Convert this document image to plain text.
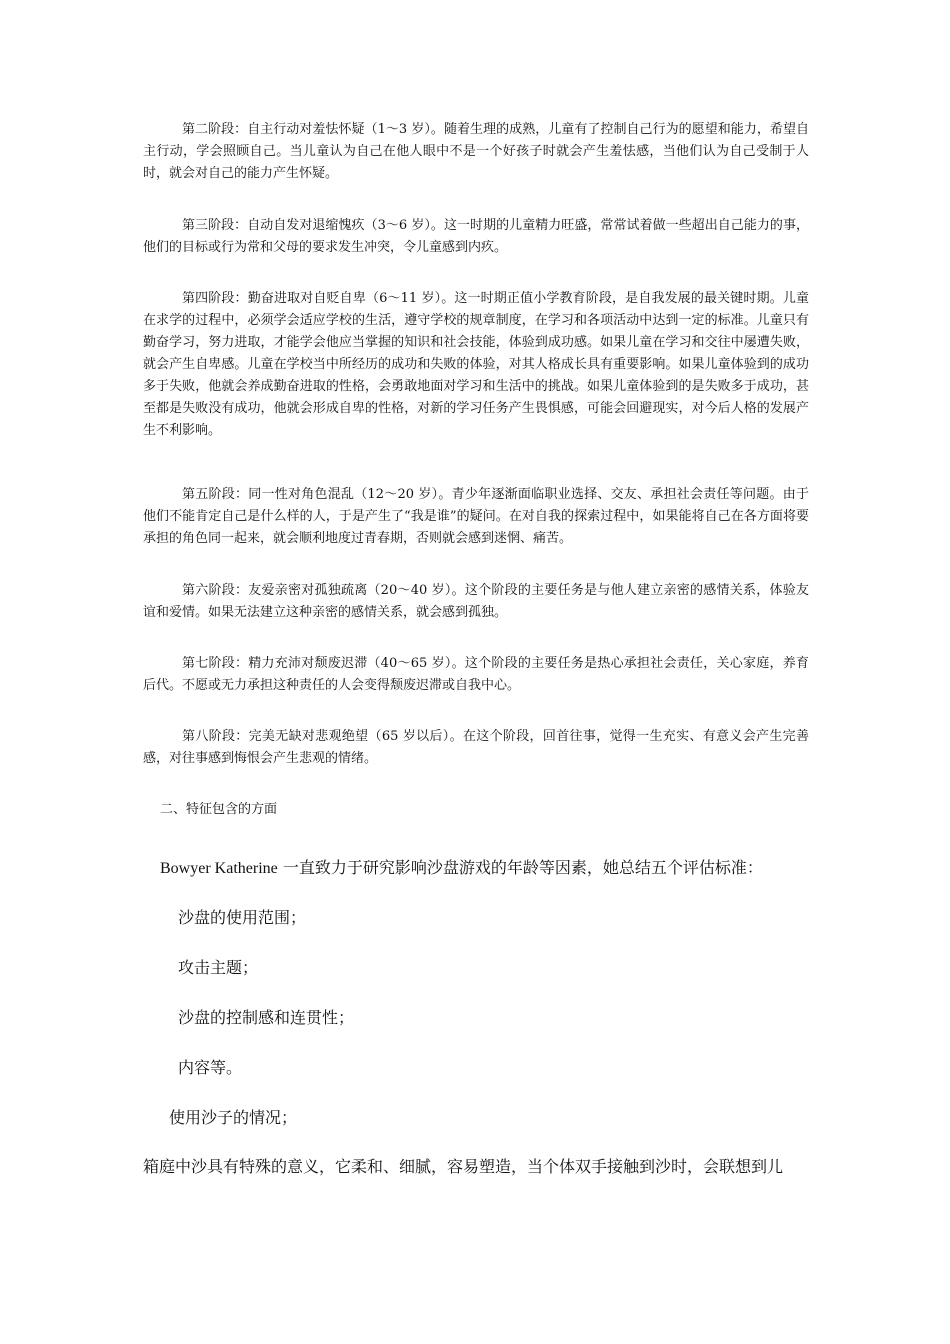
第二阶段：自主行动对羞怯怀疑（1～3 岁）。随着生理的成熟，儿童有了控制自己行为的愿望和能力，希望自主行动，学会照顾自己。当儿童认为自己在他人眼中不是一个好孩子时就会产生羞怯感，当他们认为自己受制于人时，就会对自己的能力产生怀疑。

第三阶段：自动自发对退缩愧疚（3～6 岁）。这一时期的儿童精力旺盛，常常试着做一些超出自己能力的事，他们的目标或行为常和父母的要求发生冲突，令儿童感到内疚。

第四阶段：勤奋进取对自贬自卑（6～11 岁）。这一时期正值小学教育阶段，是自我发展的最关键时期。儿童在求学的过程中，必须学会适应学校的生活，遵守学校的规章制度，在学习和各项活动中达到一定的标准。儿童只有勤奋学习，努力进取，才能学会他应当掌握的知识和社会技能，体验到成功感。如果儿童在学习和交往中屡遭失败，就会产生自卑感。儿童在学校当中所经历的成功和失败的体验，对其人格成长具有重要影响。如果儿童体验到的成功多于失败，他就会养成勤奋进取的性格，会勇敢地面对学习和生活中的挑战。如果儿童体验到的是失败多于成功，甚至都是失败没有成功，他就会形成自卑的性格，对新的学习任务产生畏惧感，可能会回避现实，对今后人格的发展产生不利影响。

第五阶段：同一性对角色混乱（12～20 岁）。青少年逐渐面临职业选择、交友、承担社会责任等问题。由于他们不能肯定自己是什么样的人，于是产生了“我是谁”的疑问。在对自我的探索过程中，如果能将自己在各方面将要承担的角色同一起来，就会顺利地度过青春期，否则就会感到迷惘、痛苦。

第六阶段：友爱亲密对孤独疏离（20～40 岁）。这个阶段的主要任务是与他人建立亲密的感情关系，体验友谊和爱情。如果无法建立这种亲密的感情关系，就会感到孤独。

第七阶段：精力充沛对颓废迟滞（40～65 岁）。这个阶段的主要任务是热心承担社会责任，关心家庭，养育后代。不愿或无力承担这种责任的人会变得颓废迟滞或自我中心。

第八阶段：完美无缺对悲观绝望（65 岁以后）。在这个阶段，回首往事，觉得一生充实、有意义会产生完善感，对往事感到悔恨会产生悲观的情绪。

二、特征包含的方面

Bowyer Katherine 一直致力于研究影响沙盘游戏的年龄等因素，她总结五个评估标准：

沙盘的使用范围；

攻击主题；

沙盘的控制感和连贯性；

内容等。

使用沙子的情况；

箱庭中沙具有特殊的意义，它柔和、细腻，容易塑造，当个体双手接触到沙时，会联想到儿
